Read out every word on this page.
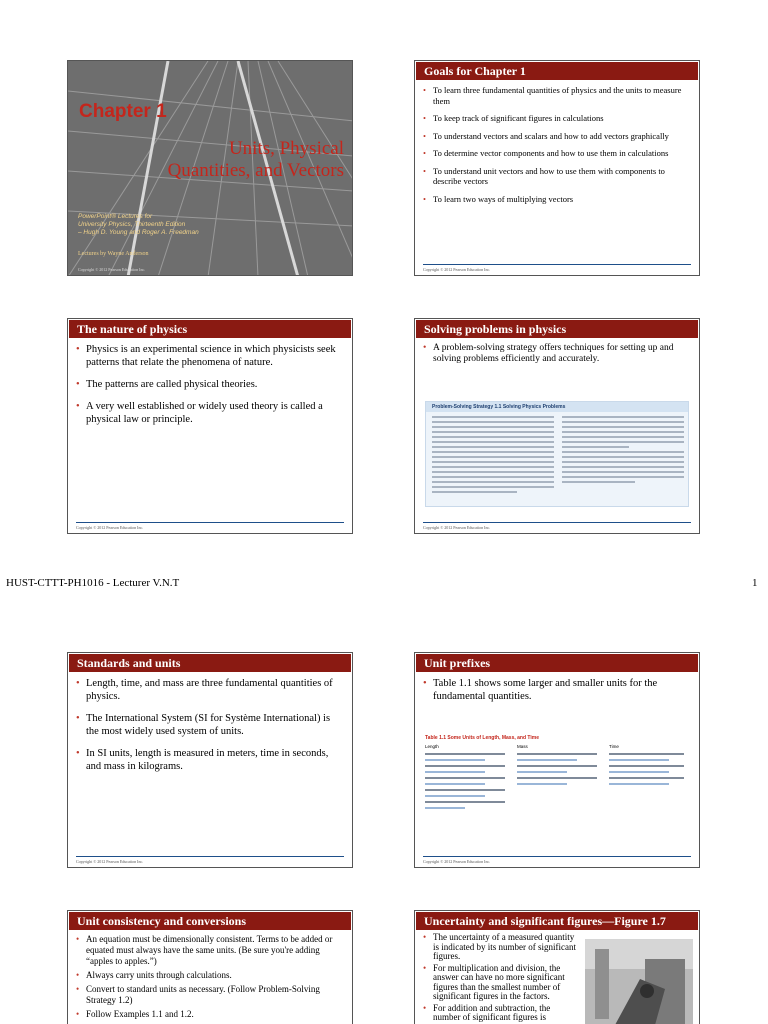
Chapter 1
Units, Physical Quantities, and Vectors
PowerPoint® Lectures for
University Physics, Thirteenth Edition
– Hugh D. Young and Roger A. Freedman
Lectures by Wayne Anderson
Copyright © 2012 Pearson Education Inc.
Goals for Chapter 1
• To learn three fundamental quantities of physics and the units to measure them
• To keep track of significant figures in calculations
• To understand vectors and scalars and how to add vectors graphically
• To determine vector components and how to use them in calculations
• To understand unit vectors and how to use them with components to describe vectors
• To learn two ways of multiplying vectors
Copyright © 2012 Pearson Education Inc.
The nature of physics
• Physics is an experimental science in which physicists seek patterns that relate the phenomena of nature.
• The patterns are called physical theories.
• A very well established or widely used theory is called a physical law or principle.
Copyright © 2012 Pearson Education Inc.
Solving problems in physics
• A problem-solving strategy offers techniques for setting up and solving problems efficiently and accurately.
Problem-Solving Strategy 1.1 Solving Physics Problems
Copyright © 2012 Pearson Education Inc.
HUST-CTTT-PH1016 - Lecturer V.N.T	1
Standards and units
• Length, time, and mass are three fundamental quantities of physics.
• The International System (SI for Système International) is the most widely used system of units.
• In SI units, length is measured in meters, time in seconds, and mass in kilograms.
Copyright © 2012 Pearson Education Inc.
Unit prefixes
• Table 1.1 shows some larger and smaller units for the fundamental quantities.
Table 1.1 Some Units of Length, Mass, and Time
Length	Mass	Time
Copyright © 2012 Pearson Education Inc.
Unit consistency and conversions
• An equation must be dimensionally consistent. Terms to be added or equated must always have the same units. (Be sure you're adding “apples to apples.”)
• Always carry units through calculations.
• Convert to standard units as necessary. (Follow Problem-Solving Strategy 1.2)
• Follow Examples 1.1 and 1.2.
Uncertainty and significant figures—Figure 1.7
• The uncertainty of a measured quantity is indicated by its number of significant figures.
• For multiplication and division, the answer can have no more significant figures than the smallest number of significant figures in the factors.
• For addition and subtraction, the number of significant figures is
